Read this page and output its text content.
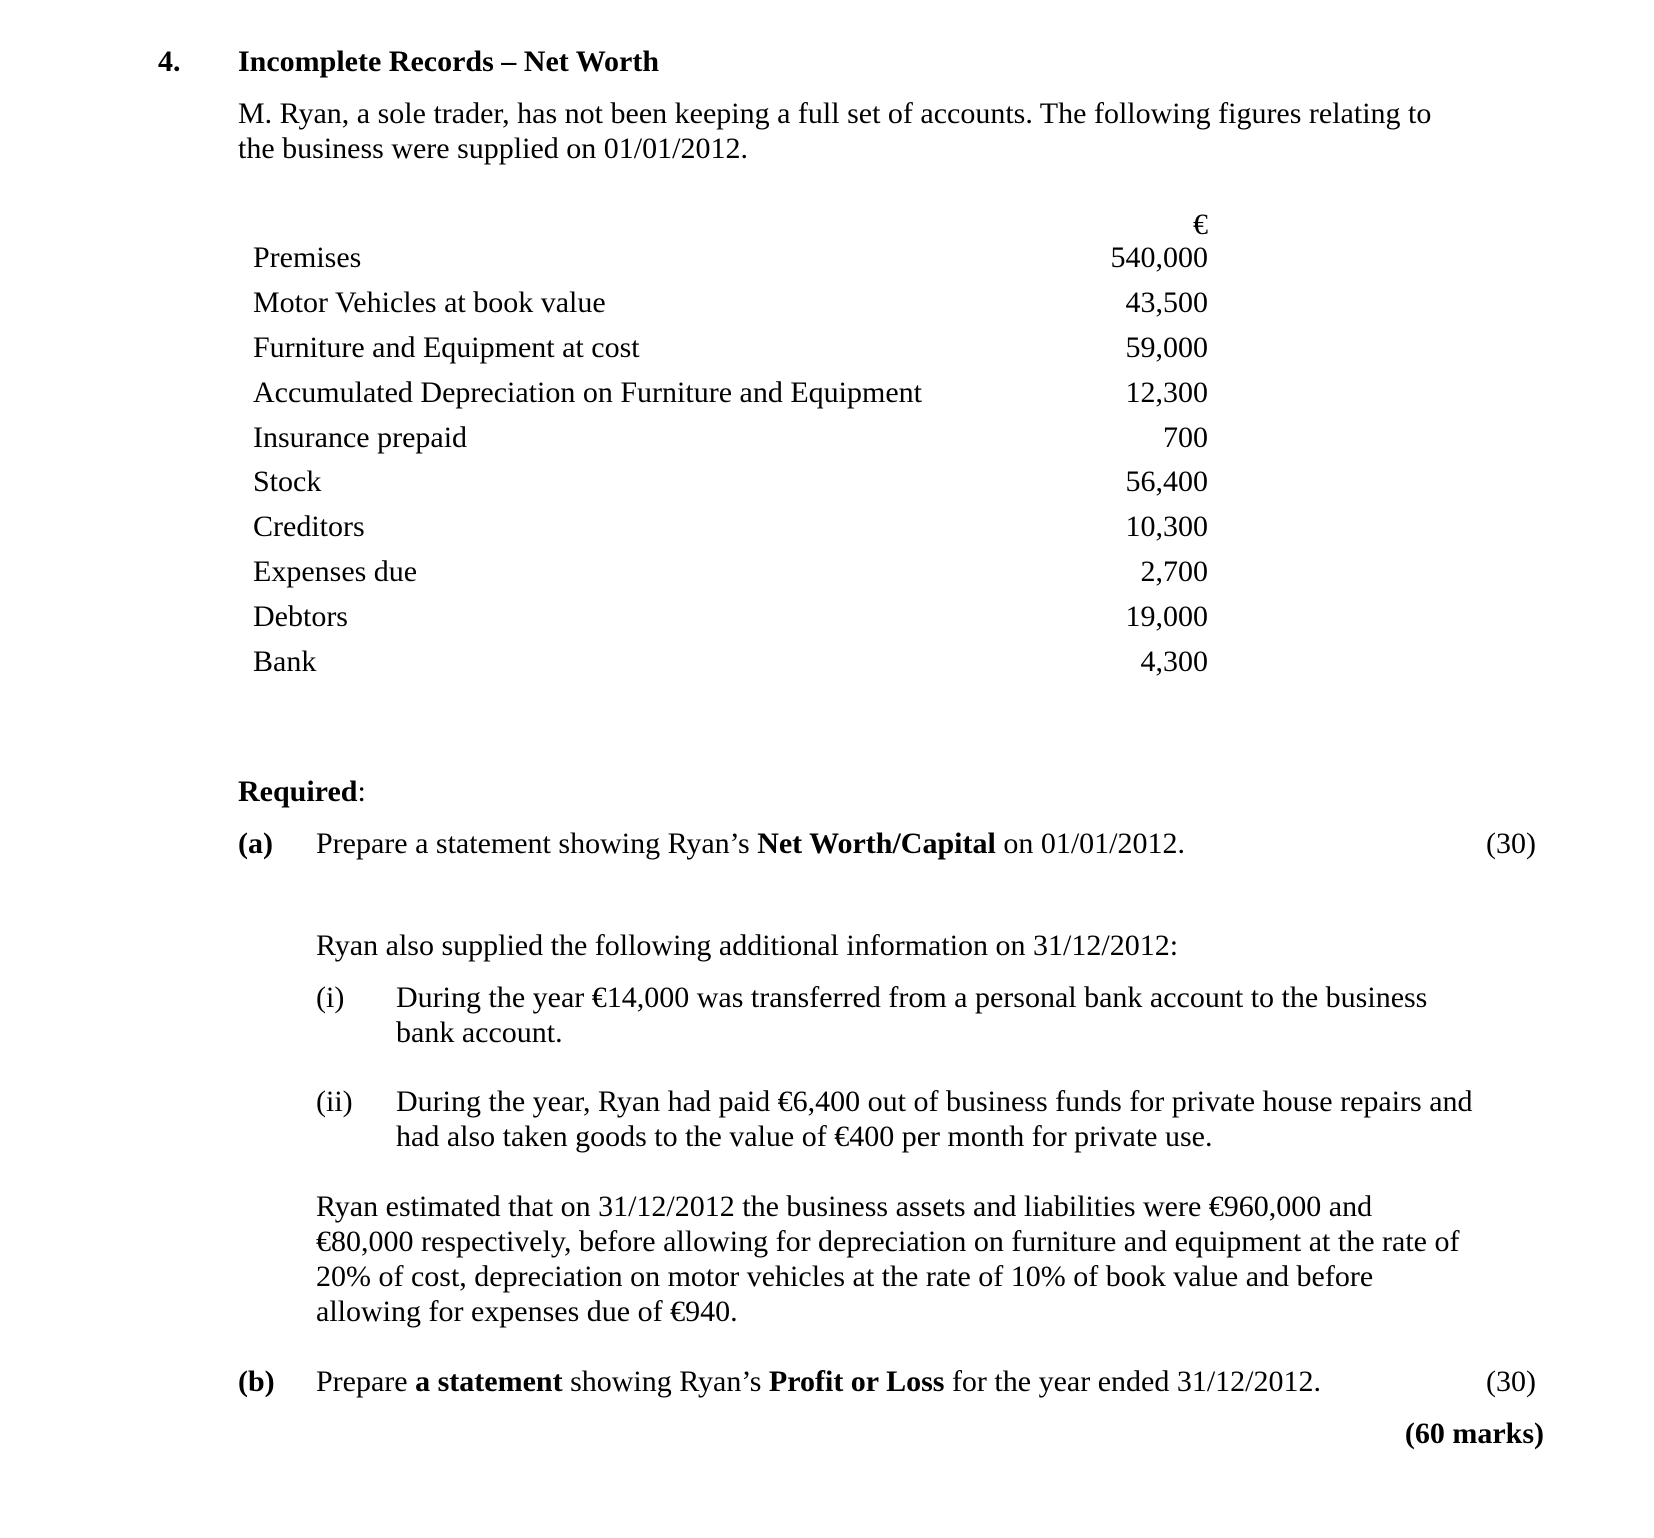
4. Incomplete Records – Net Worth
M. Ryan, a sole trader, has not been keeping a full set of accounts. The following figures relating to
the business were supplied on 01/01/2012.
€
Premises	540,000
Motor Vehicles at book value	43,500
Furniture and Equipment at cost	59,000
Accumulated Depreciation on Furniture and Equipment	12,300
Insurance prepaid	700
Stock	56,400
Creditors	10,300
Expenses due	2,700
Debtors	19,000
Bank	4,300
Required:
(a) Prepare a statement showing Ryan’s Net Worth/Capital on 01/01/2012.	(30)
Ryan also supplied the following additional information on 31/12/2012:
(i) During the year €14,000 was transferred from a personal bank account to the business
bank account.
(ii) During the year, Ryan had paid €6,400 out of business funds for private house repairs and
had also taken goods to the value of €400 per month for private use.
Ryan estimated that on 31/12/2012 the business assets and liabilities were €960,000 and
€80,000 respectively, before allowing for depreciation on furniture and equipment at the rate of
20% of cost, depreciation on motor vehicles at the rate of 10% of book value and before
allowing for expenses due of €940.
(b) Prepare a statement showing Ryan’s Profit or Loss for the year ended 31/12/2012.	(30)
(60 marks)
